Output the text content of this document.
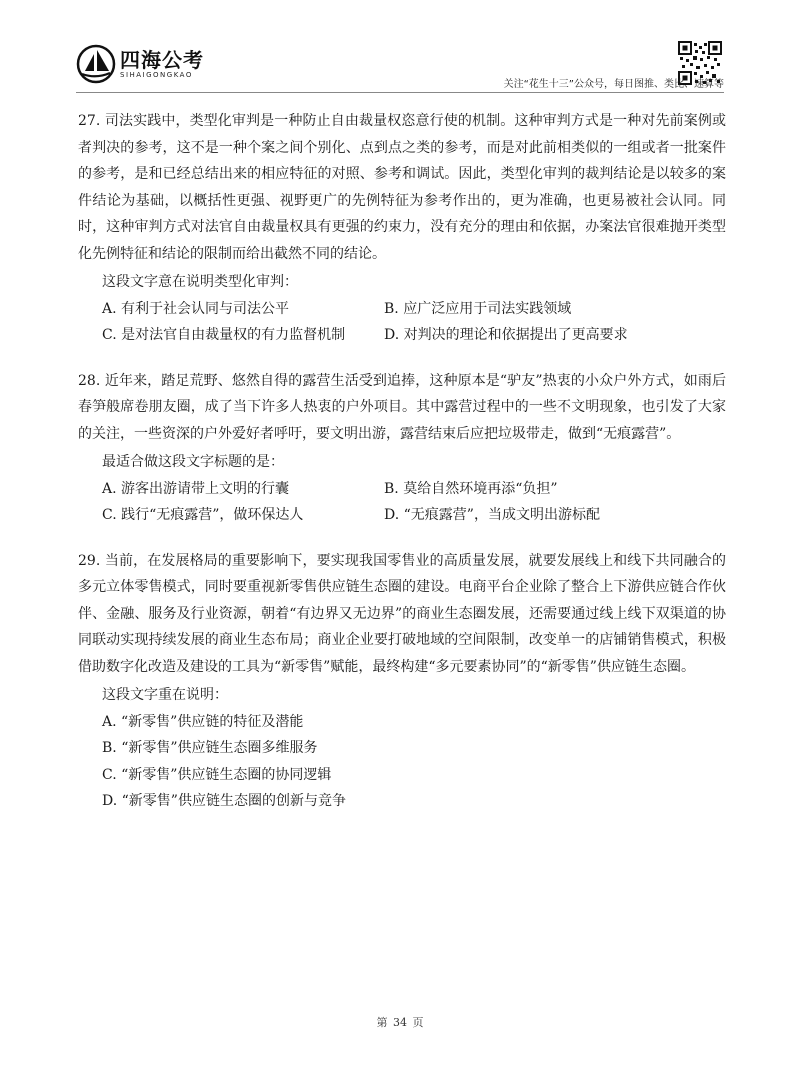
四海公考
SIHAIGONGKAO
关注“花生十三”公众号，每日图推、类比、速算等
27. 司法实践中，类型化审判是一种防止自由裁量权恣意行使的机制。这种审判方式是一种对先前案例或者判决的参考，这不是一种个案之间个别化、点到点之类的参考，而是对此前相类似的一组或者一批案件的参考，是和已经总结出来的相应特征的对照、参考和调试。因此，类型化审判的裁判结论是以较多的案件结论为基础，以概括性更强、视野更广的先例特征为参考作出的，更为准确，也更易被社会认同。同时，这种审判方式对法官自由裁量权具有更强的约束力，没有充分的理由和依据，办案法官很难抛开类型化先例特征和结论的限制而给出截然不同的结论。
这段文字意在说明类型化审判：
A. 有利于社会认同与司法公平	B. 应广泛应用于司法实践领域
C. 是对法官自由裁量权的有力监督机制	D. 对判决的理论和依据提出了更高要求
28. 近年来，踏足荒野、悠然自得的露营生活受到追捧，这种原本是“驴友”热衷的小众户外方式，如雨后春笋般席卷朋友圈，成了当下许多人热衷的户外项目。其中露营过程中的一些不文明现象，也引发了大家的关注，一些资深的户外爱好者呼吁，要文明出游，露营结束后应把垃圾带走，做到“无痕露营”。
最适合做这段文字标题的是：
A. 游客出游请带上文明的行囊	B. 莫给自然环境再添“负担”
C. 践行“无痕露营”，做环保达人	D. “无痕露营”，当成文明出游标配
29. 当前，在发展格局的重要影响下，要实现我国零售业的高质量发展，就要发展线上和线下共同融合的多元立体零售模式，同时要重视新零售供应链生态圈的建设。电商平台企业除了整合上下游供应链合作伙伴、金融、服务及行业资源，朝着“有边界又无边界”的商业生态圈发展，还需要通过线上线下双渠道的协同联动实现持续发展的商业生态布局；商业企业要打破地域的空间限制，改变单一的店铺销售模式，积极借助数字化改造及建设的工具为“新零售”赋能，最终构建“多元要素协同”的“新零售”供应链生态圈。
这段文字重在说明：
A. “新零售”供应链的特征及潜能
B. “新零售”供应链生态圈多维服务
C. “新零售”供应链生态圈的协同逻辑
D. “新零售”供应链生态圈的创新与竞争
第 34 页
